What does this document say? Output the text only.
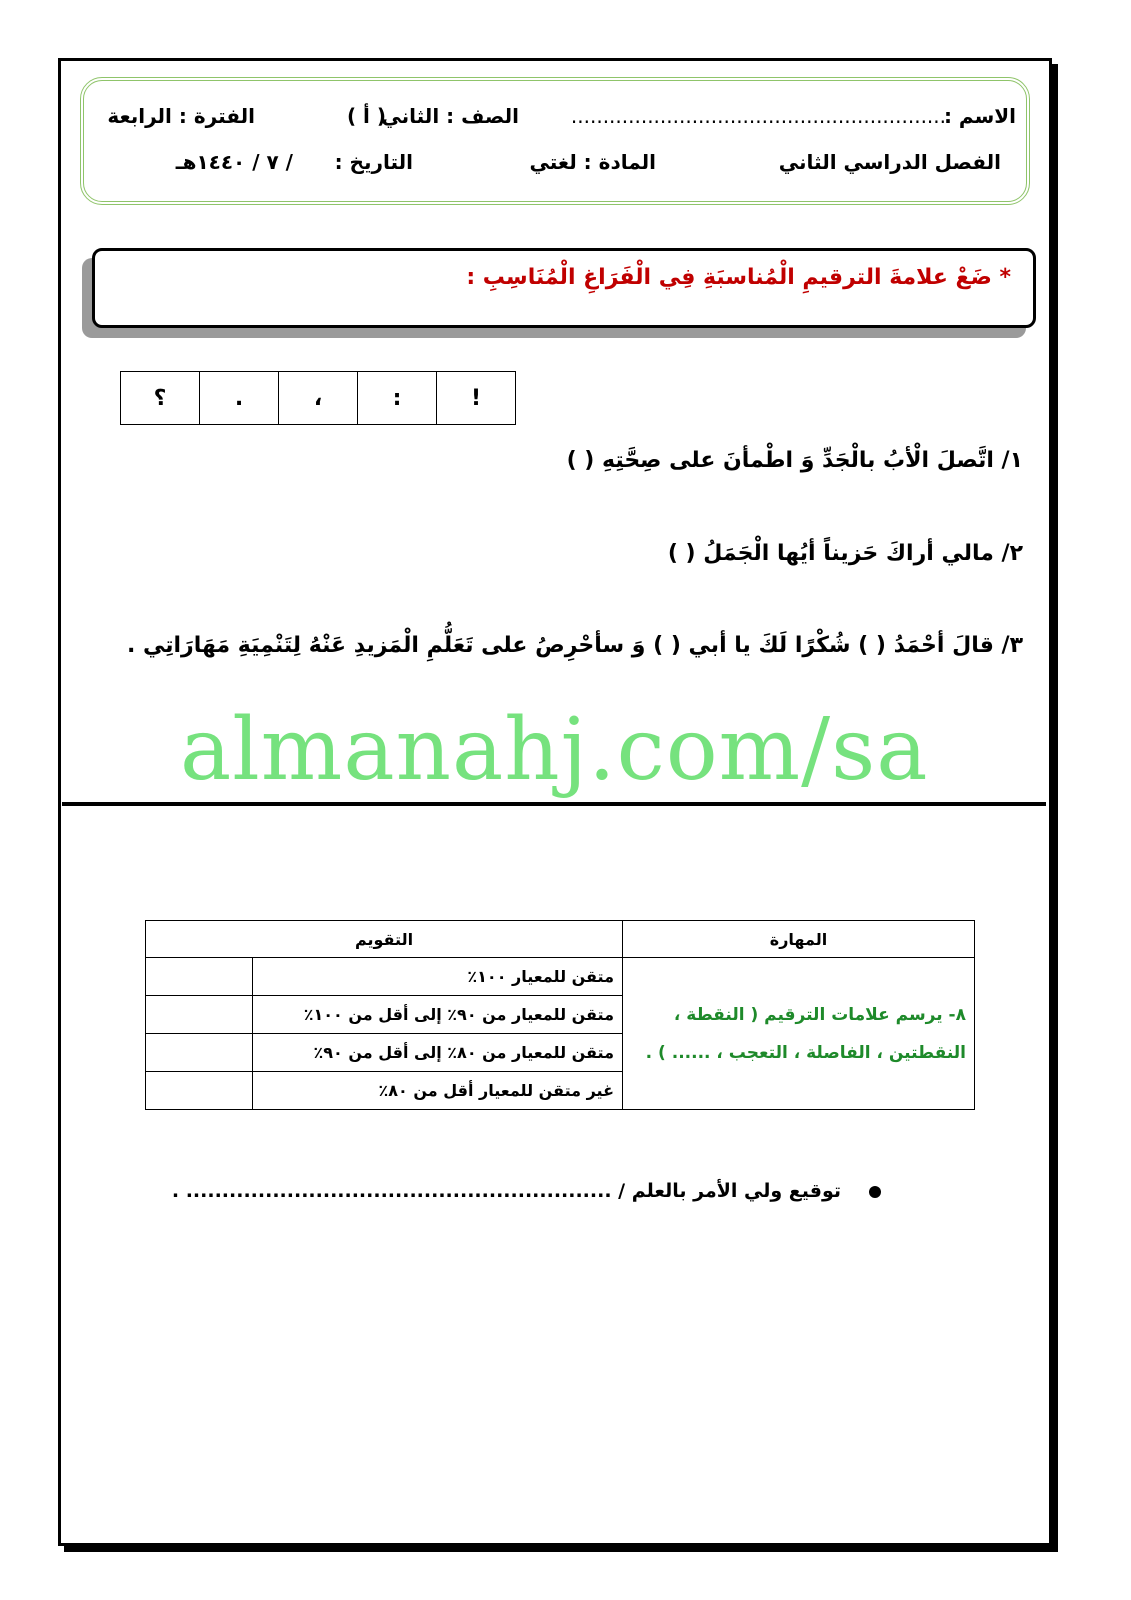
الاسم :
...........................................................
الصف : الثاني
( أ )
الفترة : الرابعة
الفصل الدراسي الثاني
المادة : لغتي
التاريخ :
/ ٧ / ١٤٤٠هـ
* ضَعْ علامةَ الترقيمِ الْمُناسبَةِ فِي الْفَرَاغِ الْمُنَاسِبِ :
؟	.	،	:	!
١/ اتَّصلَ الْأبُ بالْجَدِّ وَ اطْمأنَ على صِحَّتِهِ ( )
٢/ مالي أراكَ حَزيناً أيُها الْجَمَلُ ( )
٣/ قالَ أحْمَدُ ( ) شُكْرًا لَكَ يا أبي ( ) وَ سأحْرِصُ على تَعَلُّمِ الْمَزيدِ عَنْهُ لِتَنْمِيَةِ مَهَارَاتِي .
almanahj.com/sa
المهارة	التقويم	
٨- يرسم علامات الترقيم ( النقطة ،
النقطتين ، الفاصلة ، التعجب ، ...... ) .	متقن للمعيار ١٠٠٪	
	متقن للمعيار من ٩٠٪ إلى أقل من ١٠٠٪	
	متقن للمعيار من ٨٠٪ إلى أقل من ٩٠٪	
	غير متقن للمعيار أقل من ٨٠٪	
توقيع ولي الأمر بالعلم / ........................................................... .
